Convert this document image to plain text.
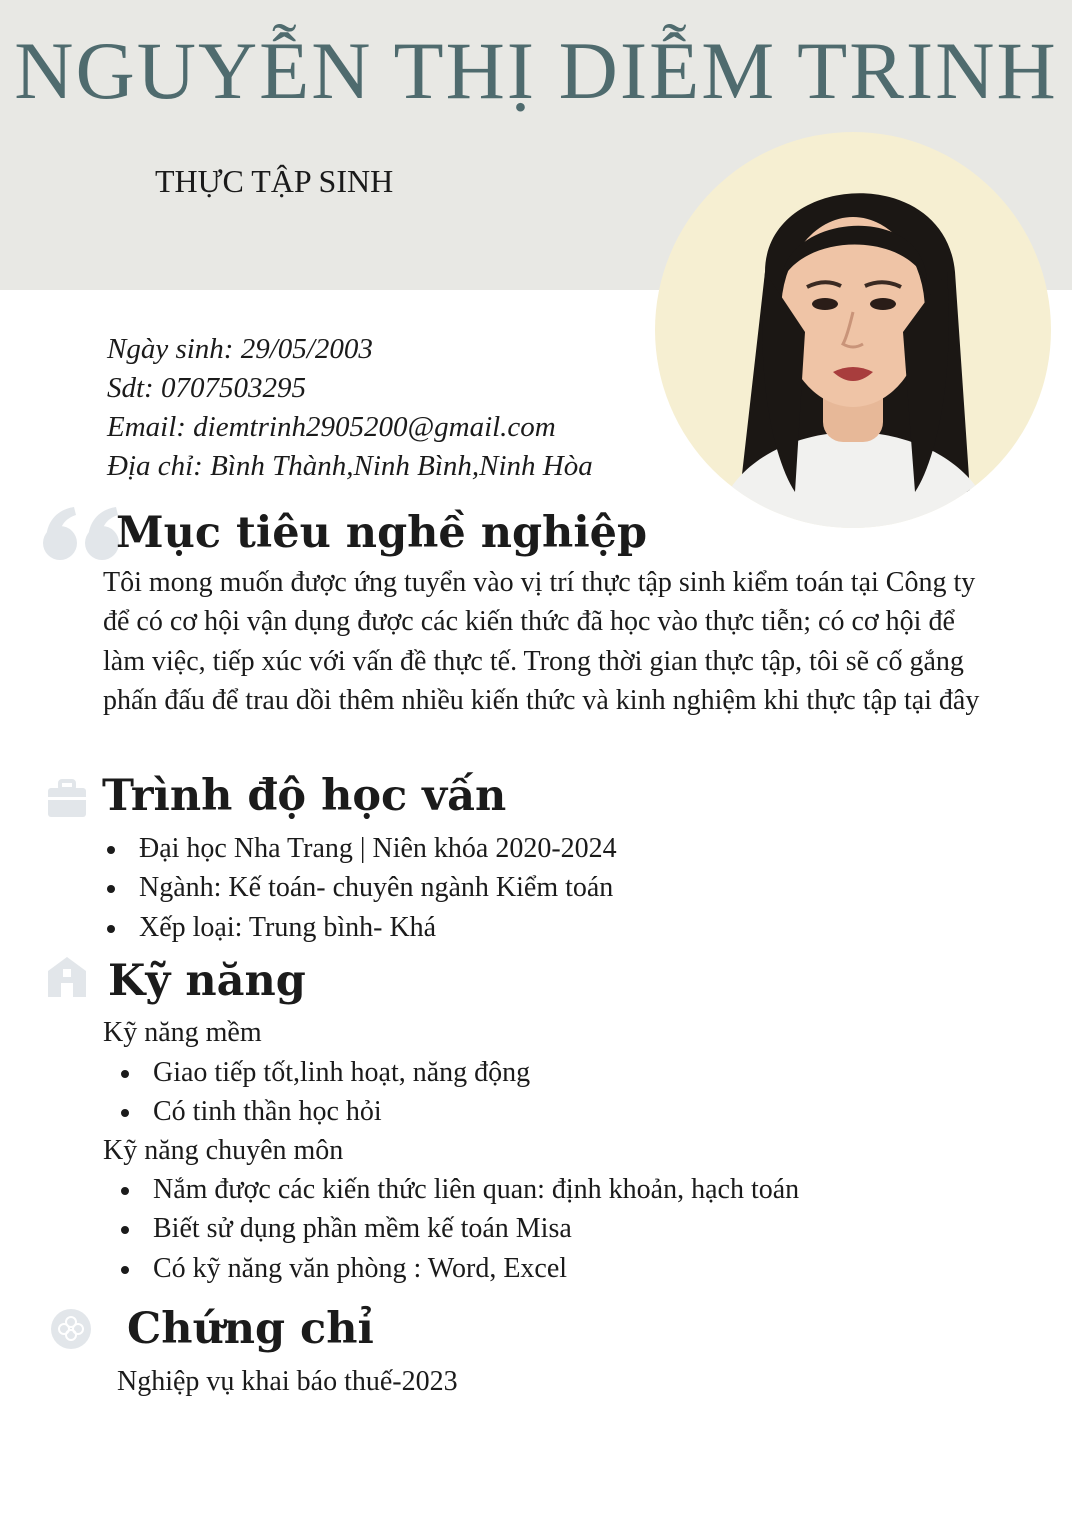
NGUYỄN THỊ DIỄM TRINH
THỰC TẬP SINH
Ngày sinh: 29/05/2003
Sdt: 0707503295
Email: diemtrinh2905200@gmail.com
Địa chỉ: Bình Thành,Ninh Bình,Ninh Hòa
Mục tiêu nghề nghiệp
Tôi mong muốn được ứng tuyển vào vị trí thực tập sinh kiểm toán tại Công ty để có cơ hội vận dụng được các kiến thức đã học vào thực tiễn; có cơ hội để làm việc, tiếp xúc với vấn đề thực tế. Trong thời gian thực tập, tôi sẽ cố gắng phấn đấu để trau dồi thêm nhiều kiến thức và kinh nghiệm khi thực tập tại đây
Trình độ học vấn
Đại học Nha Trang | Niên khóa 2020-2024
Ngành: Kế toán- chuyên ngành Kiểm toán
Xếp loại: Trung bình- Khá
Kỹ năng
Kỹ năng mềm
Giao tiếp tốt,linh hoạt, năng động
Có tinh thần học hỏi
Kỹ năng chuyên môn
Nắm được các kiến thức liên quan: định khoản, hạch toán
Biết sử dụng phần mềm kế toán Misa
Có kỹ năng văn phòng : Word, Excel
Chứng chỉ
Nghiệp vụ khai báo thuế-2023
